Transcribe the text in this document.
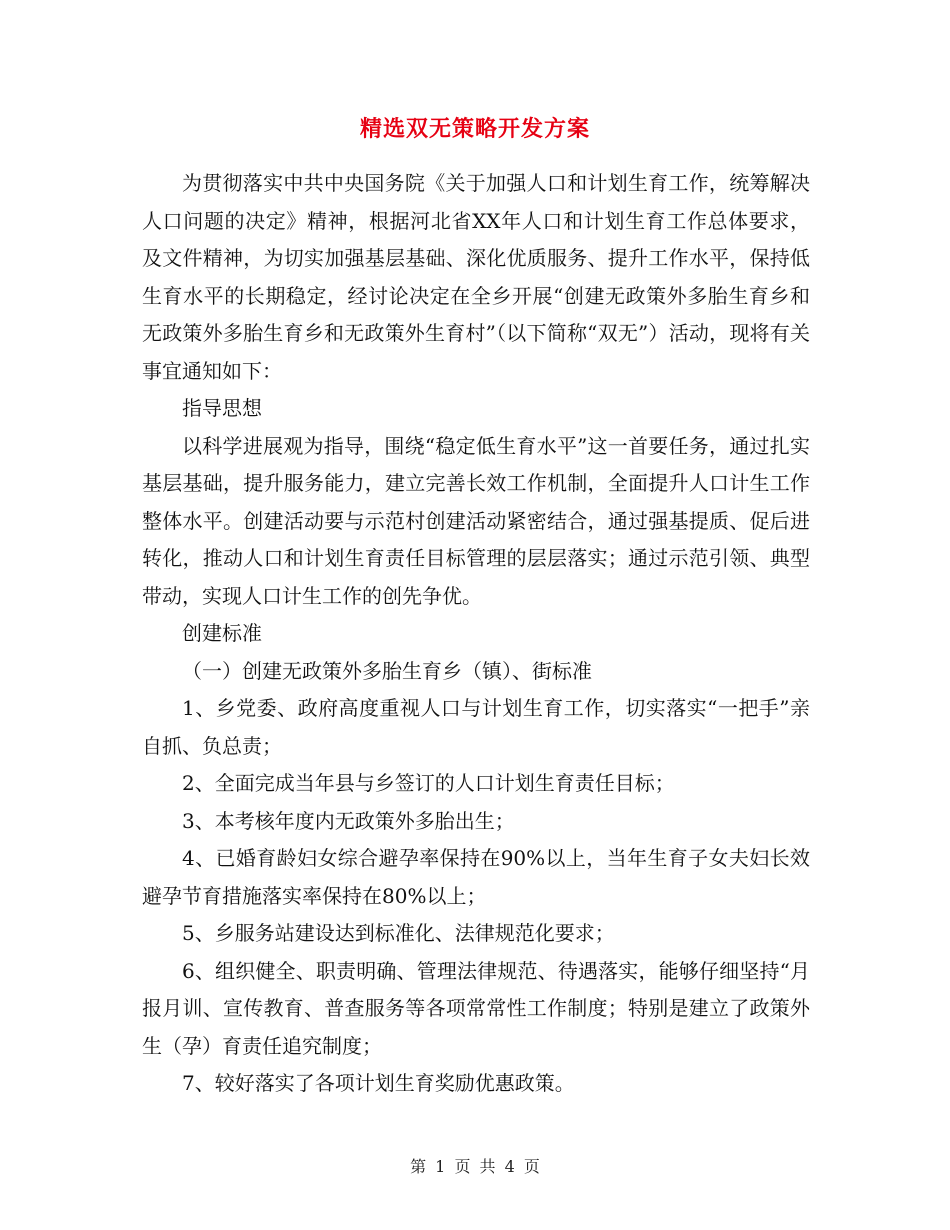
精选双无策略开发方案

为贯彻落实中共中央国务院《关于加强人口和计划生育工作，统筹解决人口问题的决定》精神，根据河北省XX年人口和计划生育工作总体要求，及文件精神，为切实加强基层基础、深化优质服务、提升工作水平，保持低生育水平的长期稳定，经讨论决定在全乡开展“创建无政策外多胎生育乡和无政策外多胎生育乡和无政策外生育村”（以下简称“双无”）活动，现将有关事宜通知如下：

指导思想

以科学进展观为指导，围绕“稳定低生育水平”这一首要任务，通过扎实基层基础，提升服务能力，建立完善长效工作机制，全面提升人口计生工作整体水平。创建活动要与示范村创建活动紧密结合，通过强基提质、促后进转化，推动人口和计划生育责任目标管理的层层落实；通过示范引领、典型带动，实现人口计生工作的创先争优。

创建标准

（一）创建无政策外多胎生育乡（镇）、街标准

1、乡党委、政府高度重视人口与计划生育工作，切实落实“一把手”亲自抓、负总责；

2、全面完成当年县与乡签订的人口计划生育责任目标；

3、本考核年度内无政策外多胎出生；

4、已婚育龄妇女综合避孕率保持在90%以上，当年生育子女夫妇长效避孕节育措施落实率保持在80%以上；

5、乡服务站建设达到标准化、法律规范化要求；

6、组织健全、职责明确、管理法律规范、待遇落实，能够仔细坚持“月报月训、宣传教育、普查服务等各项常常性工作制度；特别是建立了政策外生（孕）育责任追究制度；

7、较好落实了各项计划生育奖励优惠政策。

第 1 页 共 4 页
